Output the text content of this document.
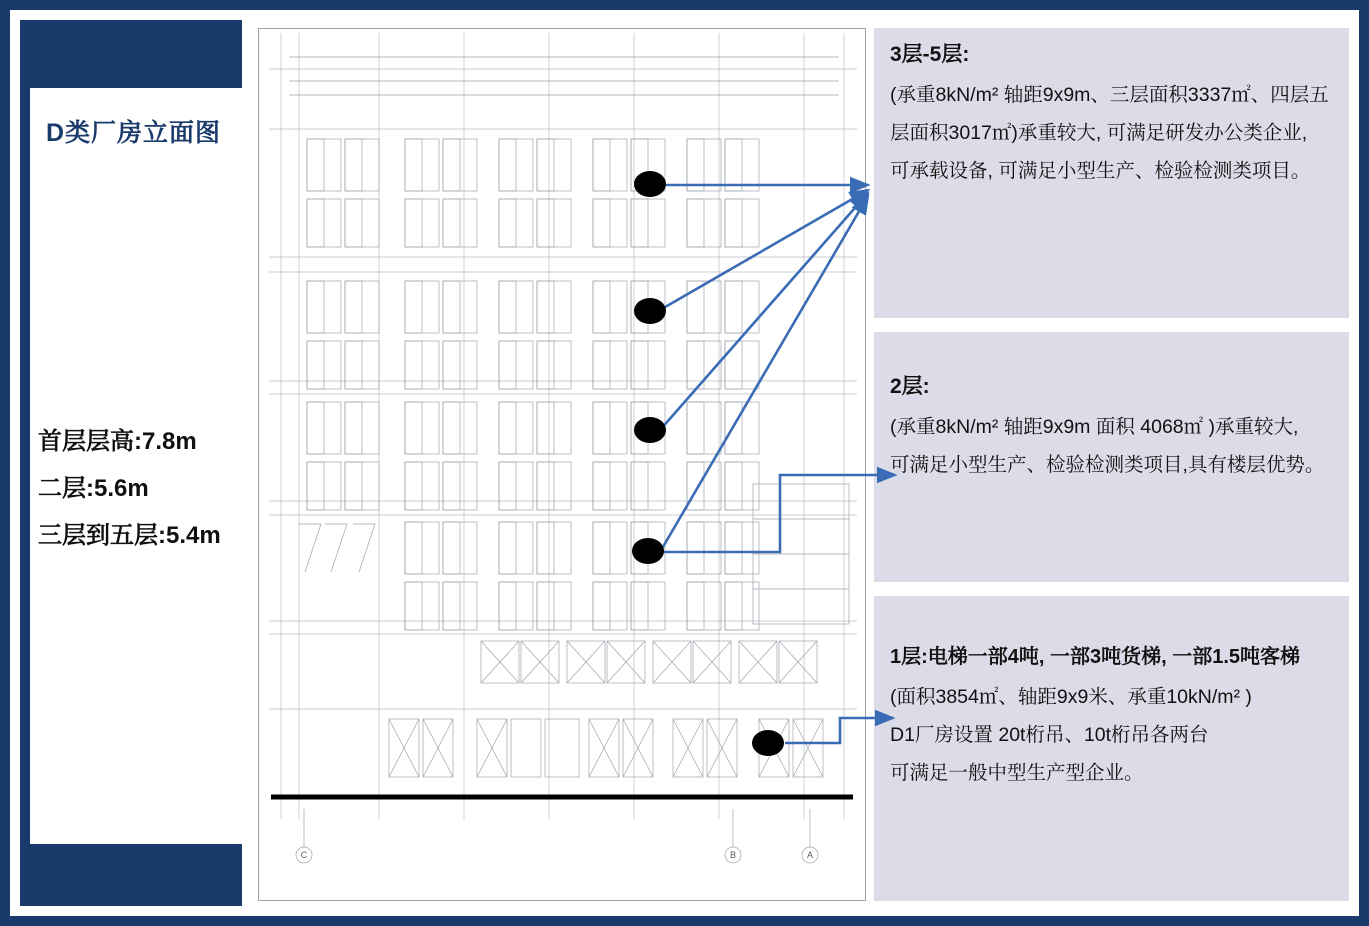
D类厂房立面图
首层层高:7.8m
二层:5.6m
三层到五层:5.4m
C	B	A
3层-5层:
(承重8kN/m² 轴距9x9m、三层面积3337㎡、四层五
层面积3017㎡)承重较大, 可满足研发办公类企业,
可承载设备, 可满足小型生产、检验检测类项目。
2层:
(承重8kN/m² 轴距9x9m 面积 4068㎡ )承重较大,
可满足小型生产、检验检测类项目,具有楼层优势。
1层:电梯一部4吨, 一部3吨货梯, 一部1.5吨客梯
(面积3854㎡、轴距9x9米、承重10kN/m² )
D1厂房设置 20t桁吊、10t桁吊各两台
可满足一般中型生产型企业。
